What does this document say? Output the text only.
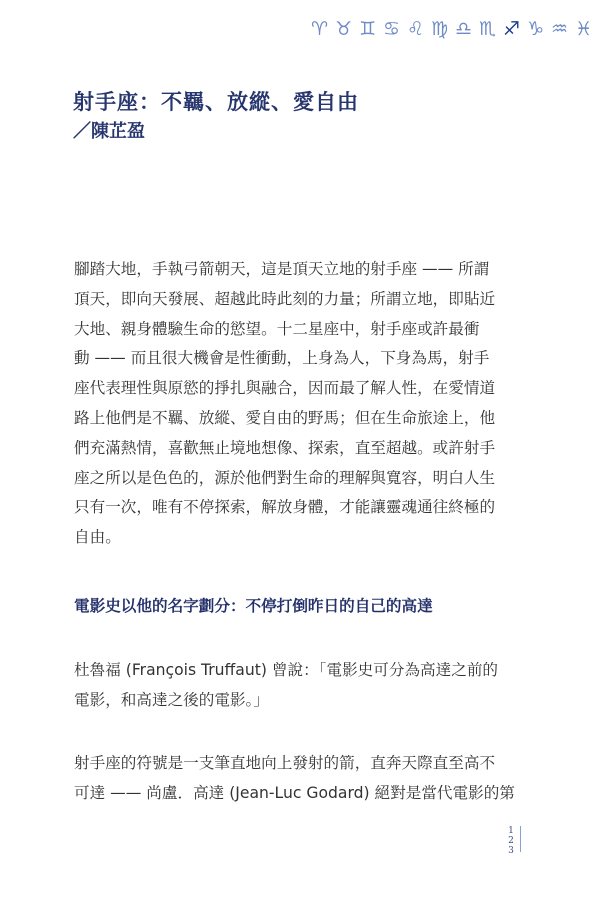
♈ ♉ ♊ ♋ ♌ ♍ ♎ ♏ ♐ ♑ ♒ ♓
射手座：不羈、放縱、愛自由
／陳芷盈

腳踏大地，手執弓箭朝天，這是頂天立地的射手座 —— 所謂
頂天，即向天發展、超越此時此刻的力量；所謂立地，即貼近
大地、親身體驗生命的慾望。十二星座中，射手座或許最衝
動 —— 而且很大機會是性衝動，上身為人，下身為馬，射手
座代表理性與原慾的掙扎與融合，因而最了解人性，在愛情道
路上他們是不羈、放縱、愛自由的野馬；但在生命旅途上，他
們充滿熱情，喜歡無止境地想像、探索，直至超越。或許射手
座之所以是色色的，源於他們對生命的理解與寬容，明白人生
只有一次，唯有不停探索，解放身體，才能讓靈魂通往終極的
自由。

電影史以他的名字劃分：不停打倒昨日的自己的高達

杜魯福 (François Truffaut) 曾說：「電影史可分為高達之前的
電影，和高達之後的電影。」

射手座的符號是一支筆直地向上發射的箭，直奔天際直至高不
可達 —— 尚盧．高達 (Jean-Luc Godard) 絕對是當代電影的第

1
2
3
